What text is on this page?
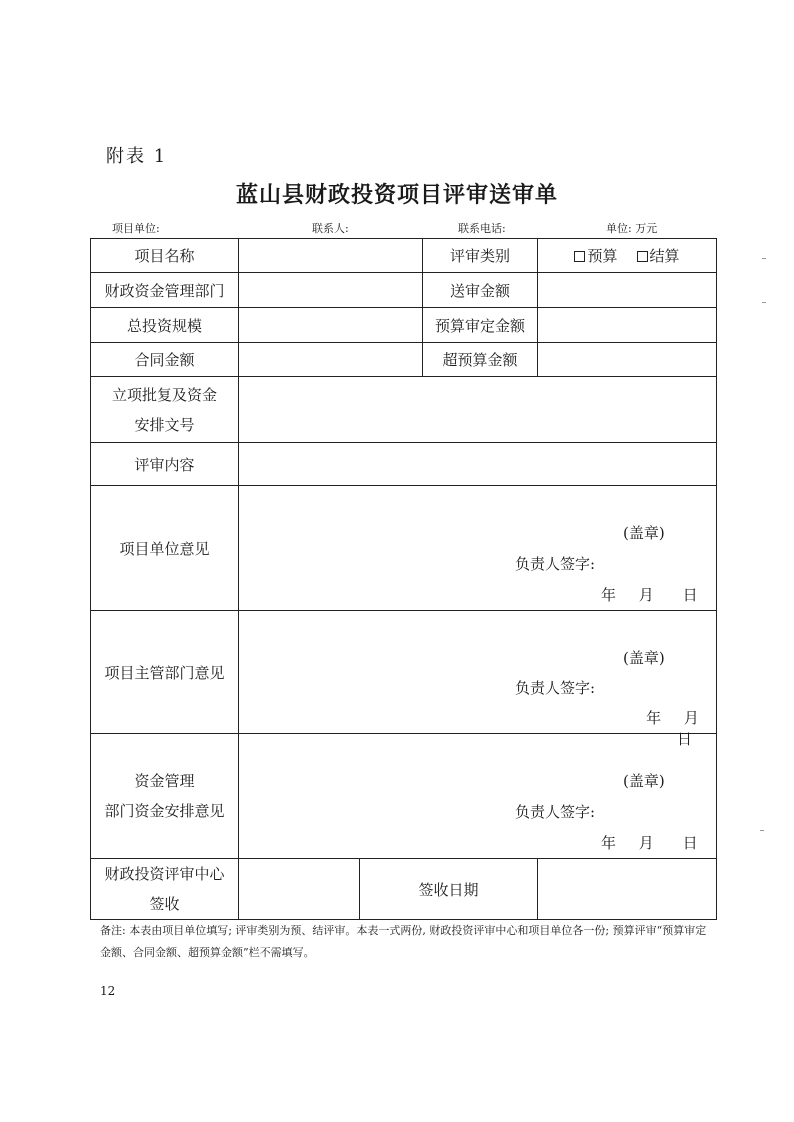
附表 1
蓝山县财政投资项目评审送审单
项目单位:	联系人:	联系电话:	单位: 万元
项目名称			评审类别	预算 结算
财政资金管理部门			送审金额	
总投资规模			预算审定金额	
合同金额			超预算金额	

立项批复及资金
安排文号				

评审内容				
项目单位意见	(盖章)
负责人签字:
年 月 日			

项目主管部门意见	(盖章)
负责人签字:
年 月 日			

资金管理
部门资金安排意见	(盖章)
负责人签字:
年 月 日			

财政投资评审中心
签收		签收日期		
备注: 本表由项目单位填写; 评审类别为预、结评审。本表一式两份, 财政投资评审中心和项目单位各一份; 预算评审“预算审定金额、合同金额、超预算金额”栏不需填写。
12
